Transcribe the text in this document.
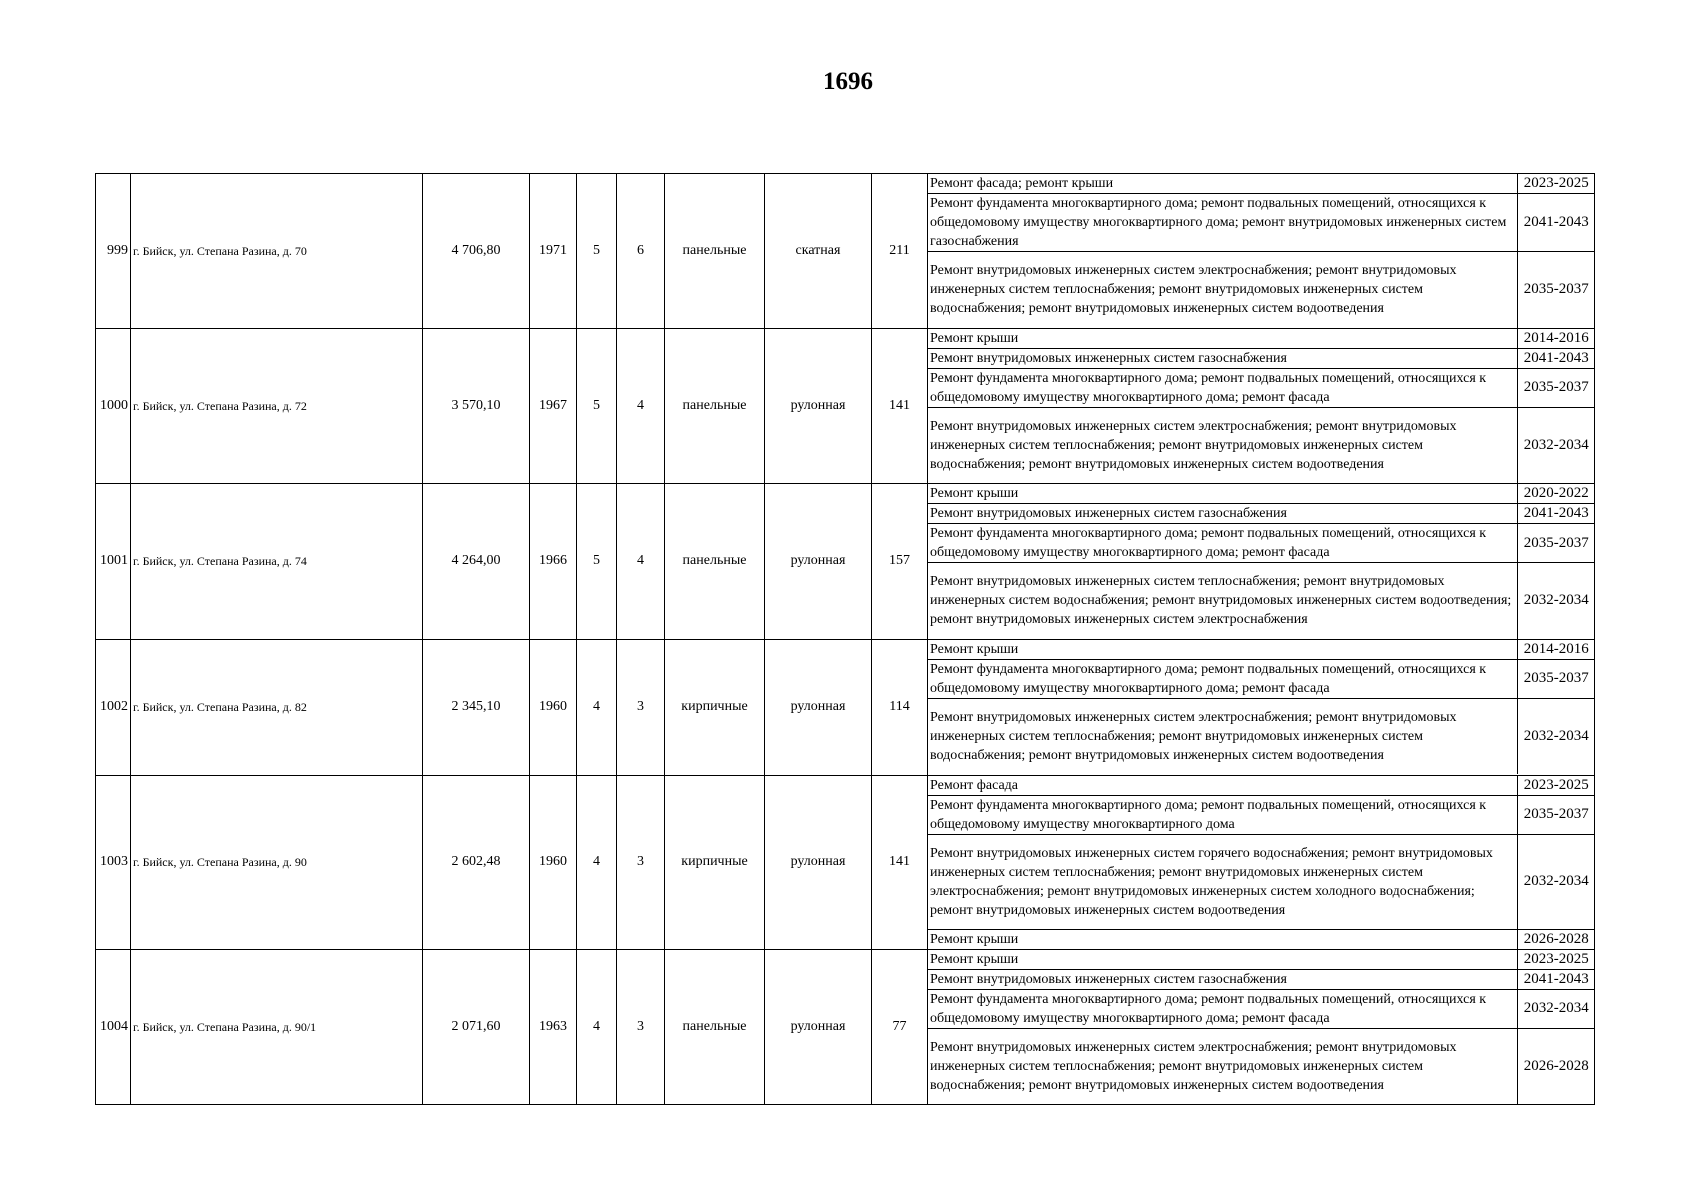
1696
999	г. Бийск, ул. Степана Разина, д. 70	4 706,80	1971	5	6	панельные	скатная	211	
Ремонт фасада; ремонт крыши	2023-2025
Ремонт фундамента многоквартирного дома; ремонт подвальных помещений, относящихся к общедомовому имуществу многоквартирного дома; ремонт внутридомовых инженерных систем газоснабжения	2041-2043
Ремонт внутридомовых инженерных систем электроснабжения; ремонт внутридомовых инженерных систем теплоснабжения; ремонт внутридомовых инженерных систем водоснабжения; ремонт внутридомовых инженерных систем водоотведения	2035-2037

1000	г. Бийск, ул. Степана Разина, д. 72	3 570,10	1967	5	4	панельные	рулонная	141	
Ремонт крыши	2014-2016
Ремонт внутридомовых инженерных систем газоснабжения	2041-2043
Ремонт фундамента многоквартирного дома; ремонт подвальных помещений, относящихся к общедомовому имуществу многоквартирного дома; ремонт фасада	2035-2037
Ремонт внутридомовых инженерных систем электроснабжения; ремонт внутридомовых инженерных систем теплоснабжения; ремонт внутридомовых инженерных систем водоснабжения; ремонт внутридомовых инженерных систем водоотведения	2032-2034

1001	г. Бийск, ул. Степана Разина, д. 74	4 264,00	1966	5	4	панельные	рулонная	157	
Ремонт крыши	2020-2022
Ремонт внутридомовых инженерных систем газоснабжения	2041-2043
Ремонт фундамента многоквартирного дома; ремонт подвальных помещений, относящихся к общедомовому имуществу многоквартирного дома; ремонт фасада	2035-2037
Ремонт внутридомовых инженерных систем теплоснабжения; ремонт внутридомовых инженерных систем водоснабжения; ремонт внутридомовых инженерных систем водоотведения; ремонт внутридомовых инженерных систем электроснабжения	2032-2034

1002	г. Бийск, ул. Степана Разина, д. 82	2 345,10	1960	4	3	кирпичные	рулонная	114	
Ремонт крыши	2014-2016
Ремонт фундамента многоквартирного дома; ремонт подвальных помещений, относящихся к общедомовому имуществу многоквартирного дома; ремонт фасада	2035-2037
Ремонт внутридомовых инженерных систем электроснабжения; ремонт внутридомовых инженерных систем теплоснабжения; ремонт внутридомовых инженерных систем водоснабжения; ремонт внутридомовых инженерных систем водоотведения	2032-2034

1003	г. Бийск, ул. Степана Разина, д. 90	2 602,48	1960	4	3	кирпичные	рулонная	141	
Ремонт фасада	2023-2025
Ремонт фундамента многоквартирного дома; ремонт подвальных помещений, относящихся к общедомовому имуществу многоквартирного дома	2035-2037
Ремонт внутридомовых инженерных систем горячего водоснабжения; ремонт внутридомовых инженерных систем теплоснабжения; ремонт внутридомовых инженерных систем электроснабжения; ремонт внутридомовых инженерных систем холодного водоснабжения; ремонт внутридомовых инженерных систем водоотведения	2032-2034
Ремонт крыши	2026-2028

1004	г. Бийск, ул. Степана Разина, д. 90/1	2 071,60	1963	4	3	панельные	рулонная	77	
Ремонт крыши	2023-2025
Ремонт внутридомовых инженерных систем газоснабжения	2041-2043
Ремонт фундамента многоквартирного дома; ремонт подвальных помещений, относящихся к общедомовому имуществу многоквартирного дома; ремонт фасада	2032-2034
Ремонт внутридомовых инженерных систем электроснабжения; ремонт внутридомовых инженерных систем теплоснабжения; ремонт внутридомовых инженерных систем водоснабжения; ремонт внутридомовых инженерных систем водоотведения	2026-2028
